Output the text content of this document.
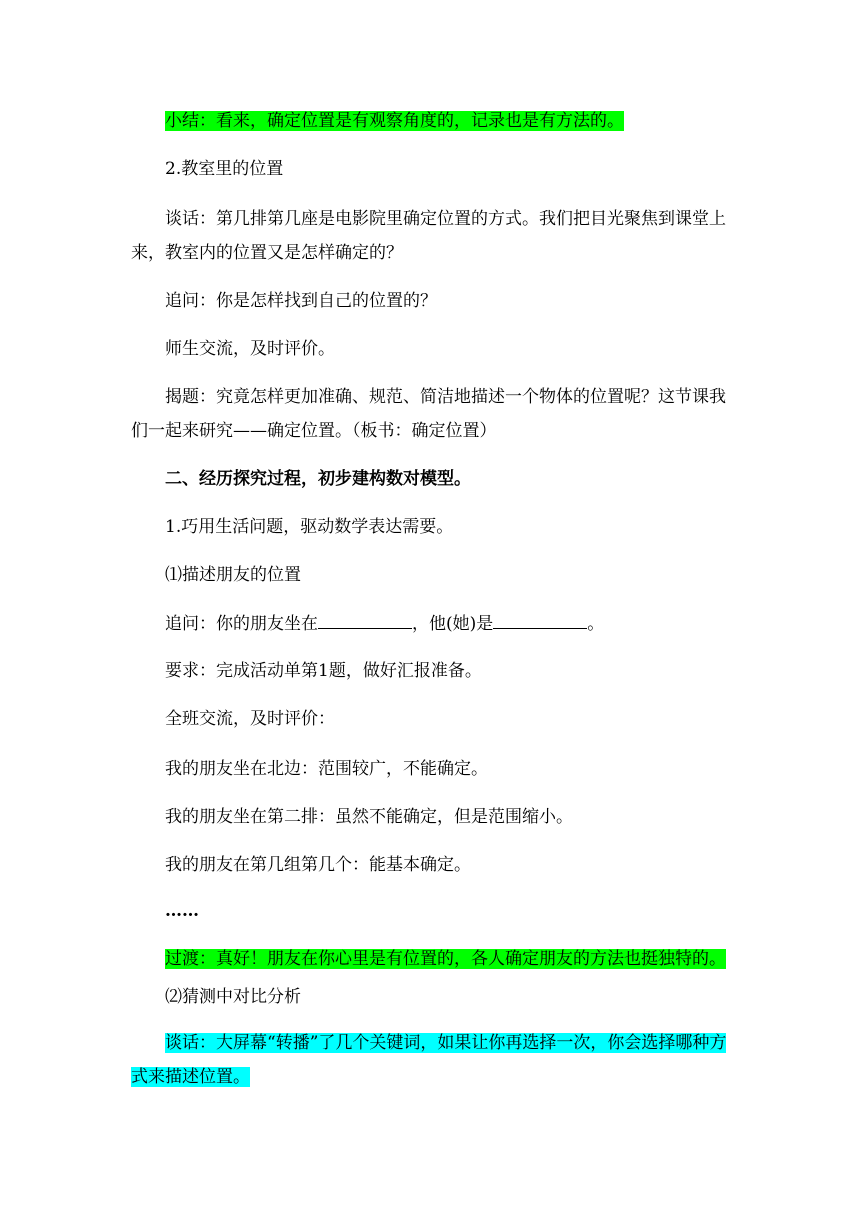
小结：看来，确定位置是有观察角度的，记录也是有方法的。
2.教室里的位置
谈话：第几排第几座是电影院里确定位置的方式。我们把目光聚焦到课堂上来，教室内的位置又是怎样确定的？
追问：你是怎样找到自己的位置的？
师生交流，及时评价。
揭题：究竟怎样更加准确、规范、简洁地描述一个物体的位置呢？这节课我们一起来研究——确定位置。（板书：确定位置）
二、经历探究过程，初步建构数对模型。
1.巧用生活问题，驱动数学表达需要。
⑴描述朋友的位置
追问：你的朋友坐在	，他(她)是	。
要求：完成活动单第1题，做好汇报准备。
全班交流，及时评价：
我的朋友坐在北边：范围较广，不能确定。
我的朋友坐在第二排：虽然不能确定，但是范围缩小。
我的朋友在第几组第几个：能基本确定。
……
过渡：真好！朋友在你心里是有位置的，各人确定朋友的方法也挺独特的。
⑵猜测中对比分析
谈话：大屏幕“转播”了几个关键词，如果让你再选择一次，你会选择哪种方式来描述位置。
